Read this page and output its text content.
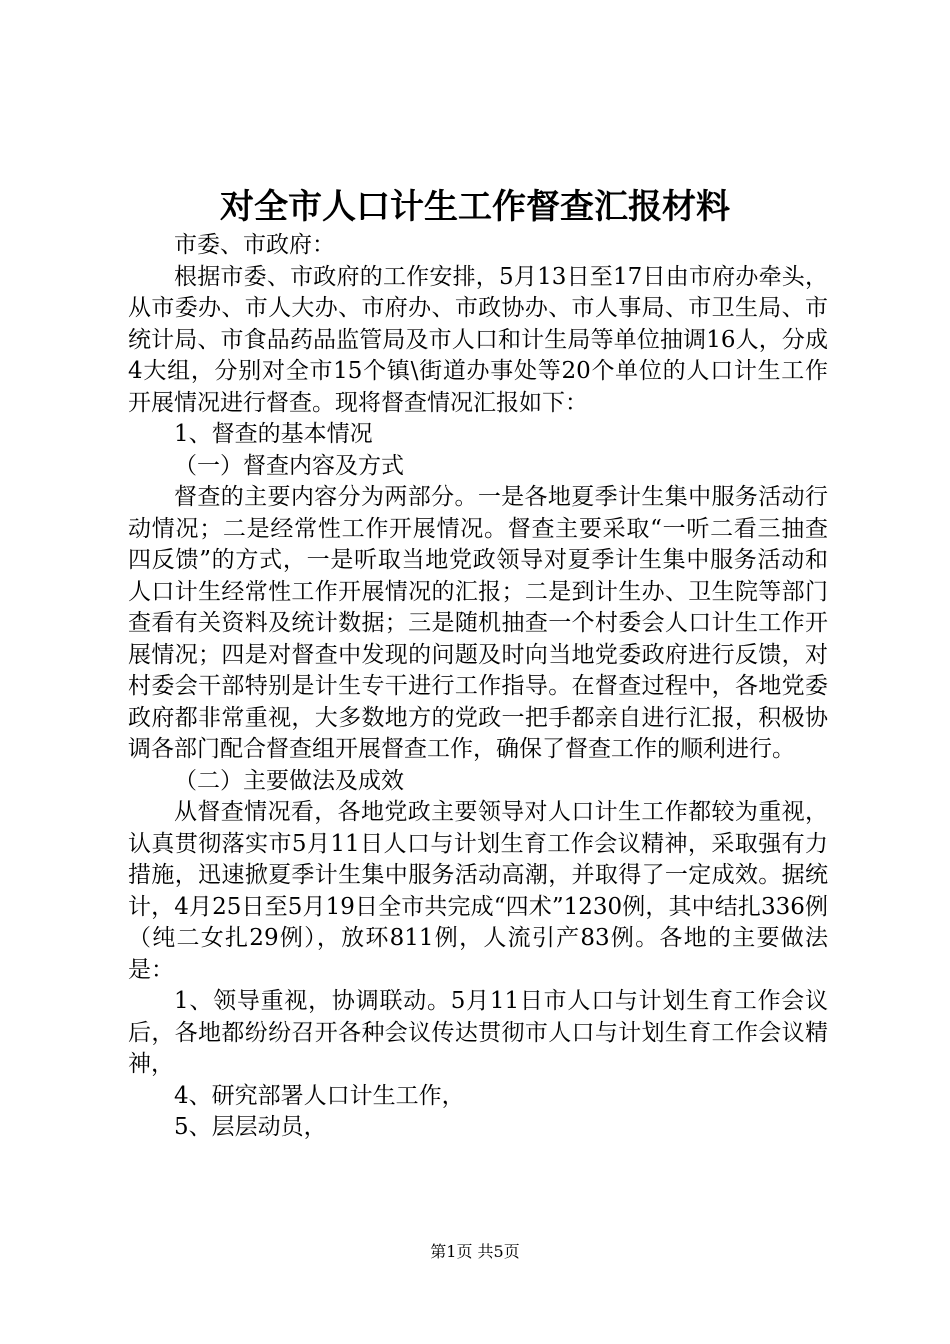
对全市人口计生工作督查汇报材料

市委、市政府：

根据市委、市政府的工作安排，5月13日至17日由市府办牵头，从市委办、市人大办、市府办、市政协办、市人事局、市卫生局、市统计局、市食品药品监管局及市人口和计生局等单位抽调16人，分成4大组，分别对全市15个镇\街道办事处等20个单位的人口计生工作开展情况进行督查。现将督查情况汇报如下：

1、督查的基本情况

（一）督查内容及方式

督查的主要内容分为两部分。一是各地夏季计生集中服务活动行动情况；二是经常性工作开展情况。督查主要采取“一听二看三抽查四反馈”的方式，一是听取当地党政领导对夏季计生集中服务活动和人口计生经常性工作开展情况的汇报；二是到计生办、卫生院等部门查看有关资料及统计数据；三是随机抽查一个村委会人口计生工作开展情况；四是对督查中发现的问题及时向当地党委政府进行反馈，对村委会干部特别是计生专干进行工作指导。在督查过程中，各地党委政府都非常重视，大多数地方的党政一把手都亲自进行汇报，积极协调各部门配合督查组开展督查工作，确保了督查工作的顺利进行。

（二）主要做法及成效

从督查情况看，各地党政主要领导对人口计生工作都较为重视，认真贯彻落实市5月11日人口与计划生育工作会议精神，采取强有力措施，迅速掀夏季计生集中服务活动高潮，并取得了一定成效。据统计，4月25日至5月19日全市共完成“四术”1230例，其中结扎336例（纯二女扎29例），放环811例，人流引产83例。各地的主要做法是：

1、领导重视，协调联动。5月11日市人口与计划生育工作会议后，各地都纷纷召开各种会议传达贯彻市人口与计划生育工作会议精神，

4、研究部署人口计生工作，

5、层层动员，

第1页 共5页
